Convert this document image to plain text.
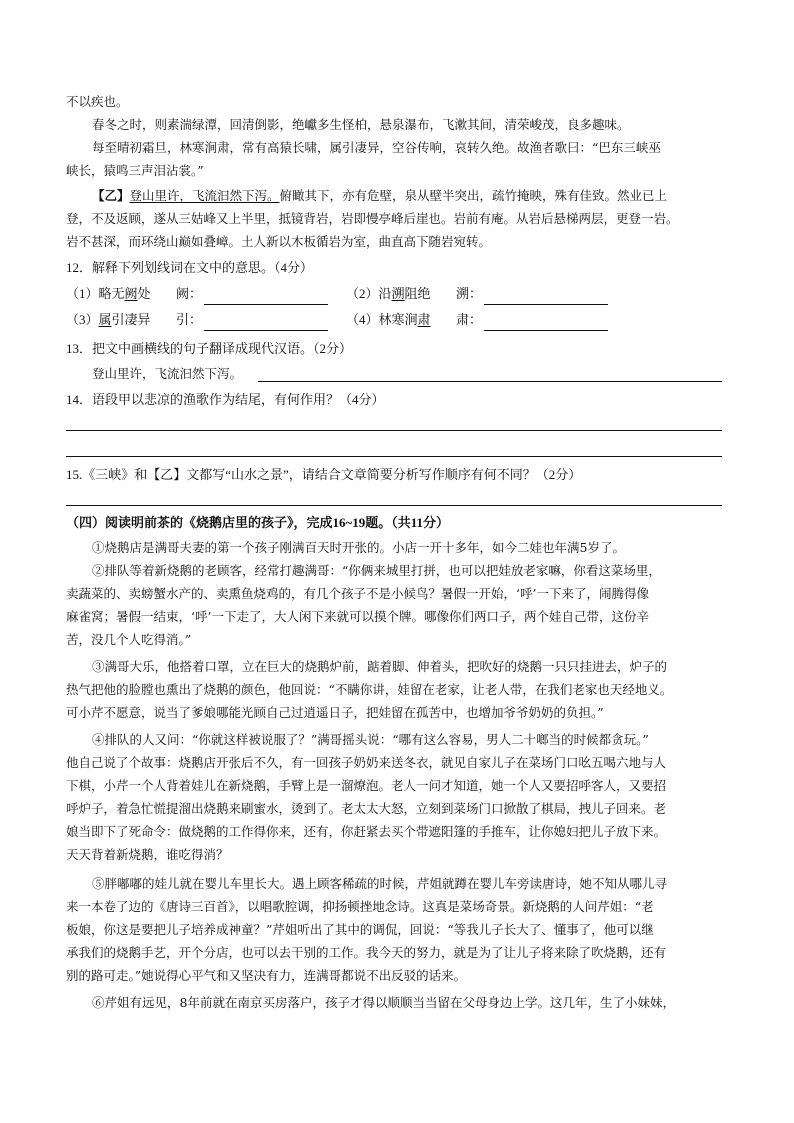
不以疾也。
春冬之时，则素湍绿潭，回清倒影，绝巘多生怪柏，悬泉瀑布，飞漱其间，清荣峻茂，良多趣味。
每至晴初霜旦，林寒涧肃，常有高猿长啸，属引凄异，空谷传响，哀转久绝。故渔者歌曰：“巴东三峡巫
峡长，猿鸣三声泪沾裳。”
【乙】登山里许，飞流汩然下泻。俯瞰其下，亦有危壁，泉从壁半突出，疏竹掩映，殊有佳致。然业已上
登，不及返顾，遂从三姑峰又上半里，抵镜背岩，岩即慢亭峰后崖也。岩前有庵。从岩后悬梯两层，更登一岩。
岩不甚深，而环绕山巅如叠嶂。土人新以木板循岩为室，曲直高下随岩宛转。
12．解释下列划线词在文中的意思。（4分）
（1）略无阙处 阙：	（2）沿溯阻绝 溯：
（3）属引凄异 引：	（4）林寒涧肃 肃：
13．把文中画横线的句子翻译成现代汉语。（2分）
登山里许，飞流汩然下泻。
14．语段甲以悲凉的渔歌作为结尾，有何作用？（4分）
15.《三峡》和【乙】文都写“山水之景”，请结合文章简要分析写作顺序有何不同？（2分）
（四）阅读明前茶的《烧鹅店里的孩子》，完成16~19题。（共11分）
①烧鹅店是满哥夫妻的第一个孩子刚满百天时开张的。小店一开十多年，如今二娃也年满5岁了。
②排队等着新烧鹅的老顾客，经常打趣满哥：“你俩来城里打拼，也可以把娃放老家嘛，你看这菜场里，
卖蔬菜的、卖螃蟹水产的、卖熏鱼烧鸡的，有几个孩子不是小候鸟？暑假一开始，‘呼’一下来了，闹腾得像
麻雀窝；暑假一结束，‘呼’一下走了，大人闲下来就可以摸个牌。哪像你们两口子，两个娃自己带，这份辛
苦，没几个人吃得消。”
③满哥大乐，他搭着口罩，立在巨大的烧鹅炉前，踮着脚、伸着头，把吹好的烧鹅一只只挂进去，炉子的
热气把他的脸膛也熏出了烧鹅的颜色，他回说：“不瞒你讲，娃留在老家，让老人带，在我们老家也天经地义。
可小芹不愿意，说当了爹娘哪能光顾自己过逍遥日子，把娃留在孤苦中，也增加爷爷奶奶的负担。”
④排队的人又问：“你就这样被说服了？”满哥摇头说：“哪有这么容易，男人二十啷当的时候都贪玩。”
他自己说了个故事：烧鹅店开张后不久，有一回孩子奶奶来送冬衣，就见自家儿子在菜场门口吆五喝六地与人
下棋，小芹一个人背着娃儿在新烧鹅，手臂上是一溜燎泡。老人一问才知道，她一个人又要招呼客人，又要招
呼炉子，着急忙慌提溜出烧鹅来刷蜜水，烫到了。老太太大怒，立刻到菜场门口掀散了棋局，拽儿子回来。老
娘当即下了死命令：做烧鹅的工作得你来，还有，你赶紧去买个带遮阳篷的手推车，让你媳妇把儿子放下来。
天天背着新烧鹅，谁吃得消？
⑤胖嘟嘟的娃儿就在婴儿车里长大。遇上顾客稀疏的时候，芹姐就蹲在婴儿车旁读唐诗，她不知从哪儿寻
来一本卷了边的《唐诗三百首》，以唱歌腔调，抑扬顿挫地念诗。这真是菜场奇景。新烧鹅的人问芹姐：“老
板娘，你这是要把儿子培养成神童？”芹姐听出了其中的调侃，回说：“等我儿子长大了、懂事了，他可以继
承我们的烧鹅手艺，开个分店，也可以去干别的工作。我今天的努力，就是为了让儿子将来除了吹烧鹅，还有
别的路可走。”她说得心平气和又坚决有力，连满哥都说不出反驳的话来。
⑥芹姐有远见，8年前就在南京买房落户，孩子才得以顺顺当当留在父母身边上学。这几年，生了小妹妹，
